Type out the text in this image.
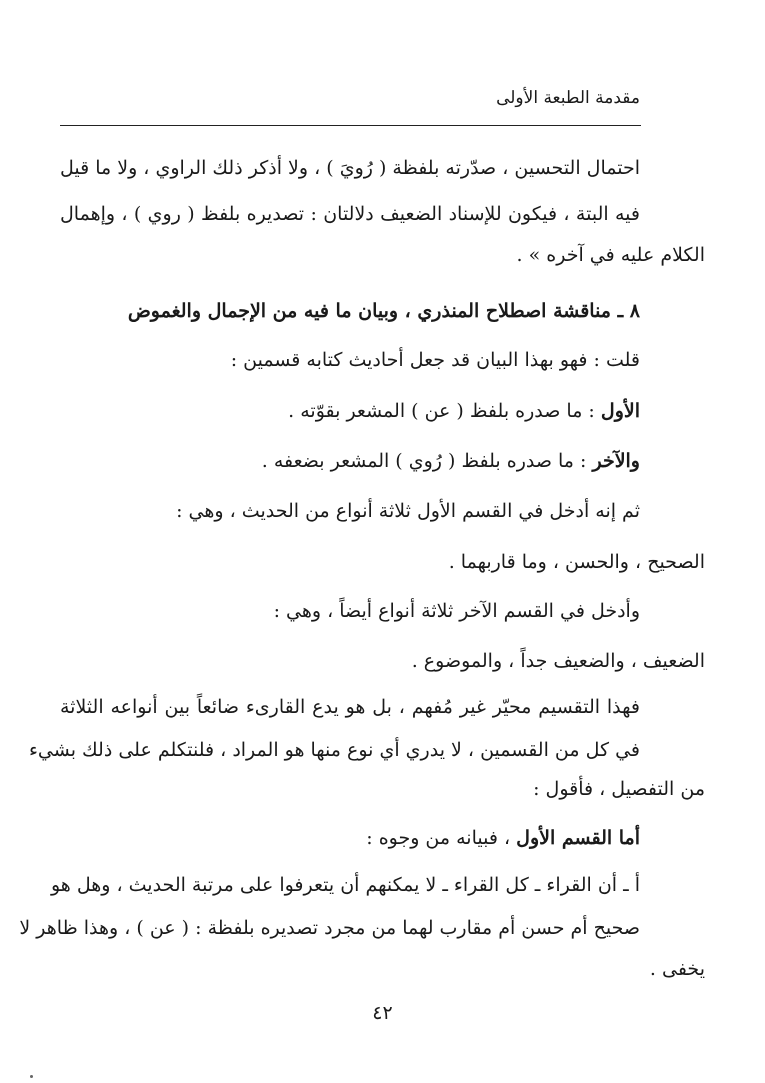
مقدمة الطبعة الأولى
احتمال التحسين ، صدّرته بلفظة ( رُويَ ) ، ولا أذكر ذلك الراوي ، ولا ما قيل
فيه البتة ، فيكون للإسناد الضعيف دلالتان : تصديره بلفظ ( روي ) ، وإهمال
الكلام عليه في آخره » .
٨ ـ مناقشة اصطلاح المنذري ، وبيان ما فيه من الإجمال والغموض
قلت : فهو بهذا البيان قد جعل أحاديث كتابه قسمين :
الأول : ما صدره بلفظ ( عن ) المشعر بقوّته .
والآخر : ما صدره بلفظ ( رُوي ) المشعر بضعفه .
ثم إنه أدخل في القسم الأول ثلاثة أنواع من الحديث ، وهي :
الصحيح ، والحسن ، وما قاربهما .
وأدخل في القسم الآخر ثلاثة أنواع أيضاً ، وهي :
الضعيف ، والضعيف جداً ، والموضوع .
فهذا التقسيم محيّر غير مُفهم ، بل هو يدع القارىء ضائعاً بين أنواعه الثلاثة
في كل من القسمين ، لا يدري أي نوع منها هو المراد ، فلنتكلم على ذلك بشيء
من التفصيل ، فأقول :
أما القسم الأول ، فبيانه من وجوه :
أ ـ أن القراء ـ كل القراء ـ لا يمكنهم أن يتعرفوا على مرتبة الحديث ، وهل هو
صحيح أم حسن أم مقارب لهما من مجرد تصديره بلفظة : ( عن ) ، وهذا ظاهر لا
يخفى .
٤٢
